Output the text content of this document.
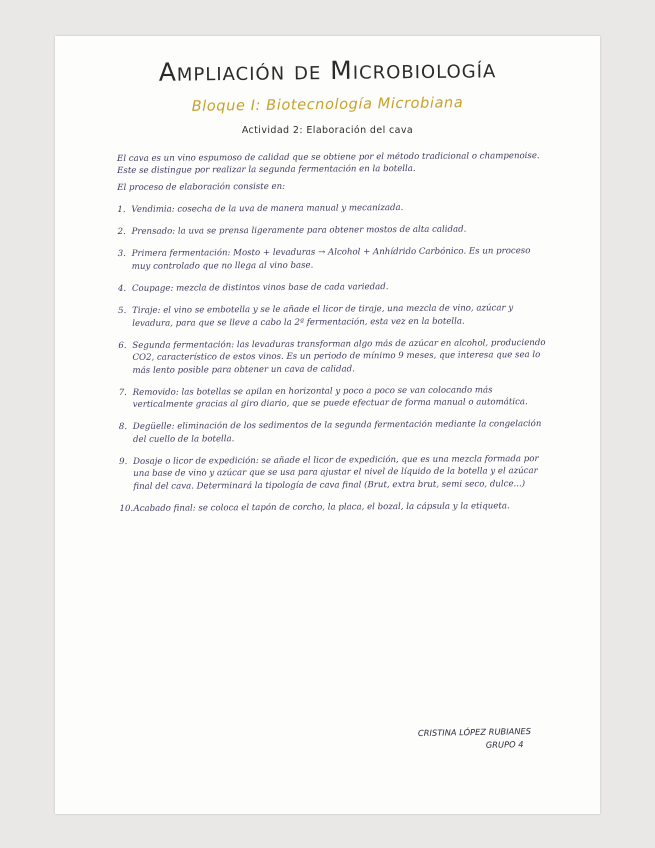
Ampliación de Microbiología
Bloque I: Biotecnología Microbiana
Actividad 2: Elaboración del cava

El cava es un vino espumoso de calidad que se obtiene por el método tradicional o champenoise. Este se distingue por realizar la segunda fermentación en la botella.

El proceso de elaboración consiste en:

1. Vendimia: cosecha de la uva de manera manual y mecanizada.
2. Prensado: la uva se prensa ligeramente para obtener mostos de alta calidad.
3. Primera fermentación: Mosto + levaduras → Alcohol + Anhídrido Carbónico. Es un proceso muy controlado que no llega al vino base.
4. Coupage: mezcla de distintos vinos base de cada variedad.
5. Tiraje: el vino se embotella y se le añade el licor de tiraje, una mezcla de vino, azúcar y levadura, para que se lleve a cabo la 2ª fermentación, esta vez en la botella.
6. Segunda fermentación: las levaduras transforman algo más de azúcar en alcohol, produciendo CO2, característico de estos vinos. Es un periodo de mínimo 9 meses, que interesa que sea lo más lento posible para obtener un cava de calidad.
7. Removido: las botellas se apilan en horizontal y poco a poco se van colocando más verticalmente gracias al giro diario, que se puede efectuar de forma manual o automática.
8. Degüelle: eliminación de los sedimentos de la segunda fermentación mediante la congelación del cuello de la botella.
9. Dosaje o licor de expedición: se añade el licor de expedición, que es una mezcla formada por una base de vino y azúcar que se usa para ajustar el nivel de líquido de la botella y el azúcar final del cava. Determinará la tipología de cava final (Brut, extra brut, semi seco, dulce...)
10. Acabado final: se coloca el tapón de corcho, la placa, el bozal, la cápsula y la etiqueta.
CRISTINA LÓPEZ RUBIANES
GRUPO 4
